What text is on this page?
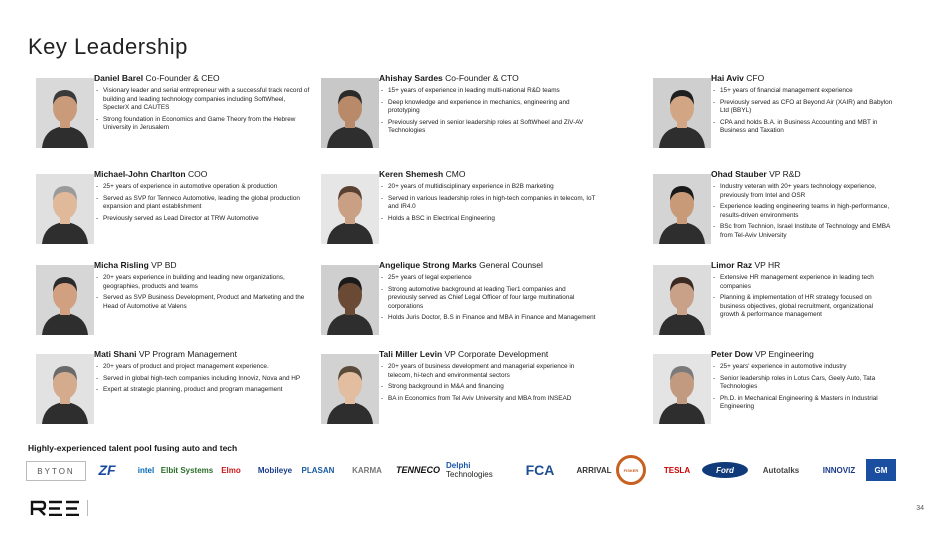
Key Leadership
Daniel Barel Co-Founder & CEO
- Visionary leader and serial entrepreneur with a successful track record of building and leading technology companies including SoftWheel, SpecterX and CAUTES
- Strong foundation in Economics and Game Theory from the Hebrew University in Jerusalem
Ahishay Sardes Co-Founder & CTO
- 15+ years of experience in leading multi-national R&D teams
- Deep knowledge and experience in mechanics, engineering and prototyping
- Previously served in senior leadership roles at SoftWheel and ZiV-AV Technologies
Hai Aviv CFO
- 15+ years of financial management experience
- Previously served as CFO at Beyond Air (XAIR) and Babylon Ltd (BBYL)
- CPA and holds B.A. in Business Accounting and MBT in Business and Taxation
Michael-John Charlton COO
- 25+ years of experience in automotive operation & production
- Served as SVP for Tenneco Automotive, leading the global production expansion and plant establishment
- Previously served as Lead Director at TRW Automotive
Keren Shemesh CMO
- 20+ years of multidisciplinary experience in B2B marketing
- Served in various leadership roles in high-tech companies in telecom, IoT and IR4.0
- Holds a BSC in Electrical Engineering
Ohad Stauber VP R&D
- Industry veteran with 20+ years technology experience, previously from Intel and OSR
- Experience leading engineering teams in high-performance, results-driven environments
- BSc from Technion, Israel Institute of Technology and EMBA from Tel-Aviv University
Micha Risling VP BD
- 20+ years experience in building and leading new organizations, geographies, products and teams
- Served as SVP Business Development, Product and Marketing and the Head of Automotive at Valens
Angelique Strong Marks General Counsel
- 25+ years of legal experience
- Strong automotive background at leading Tier1 companies and previously served as Chief Legal Officer of four large multinational corporations
- Holds Juris Doctor, B.S in Finance and MBA in Finance and Management
Limor Raz VP HR
- Extensive HR management experience in leading tech companies
- Planning & implementation of HR strategy focused on business objectives, global recruitment, organizational growth & performance management
Mati Shani VP Program Management
- 20+ years of product and project management experience.
- Served in global high-tech companies including Innoviz, Nova and HP
- Expert at strategic planning, product and program management
Tali Miller Levin VP Corporate Development
- 20+ years of business development and managerial experience in telecom, hi-tech and environmental sectors
- Strong background in M&A and financing
- BA in Economics from Tel Aviv University and MBA from INSEAD
Peter Dow VP Engineering
- 25+ years' experience in automotive industry
- Senior leadership roles in Lotus Cars, Geely Auto, Tata Technologies
- Ph.D. in Mechanical Engineering & Masters in Industrial Engineering
Highly-experienced talent pool fusing auto and tech
BYTON ZF	intel Elbit Systems Elmo Mobileye PLASAN KARMA TENNECO Delphi
Technologies FCA	ARRIVAL	FISKER	TESLA	Ford	Autotalks	INNOVIZ GM
34
